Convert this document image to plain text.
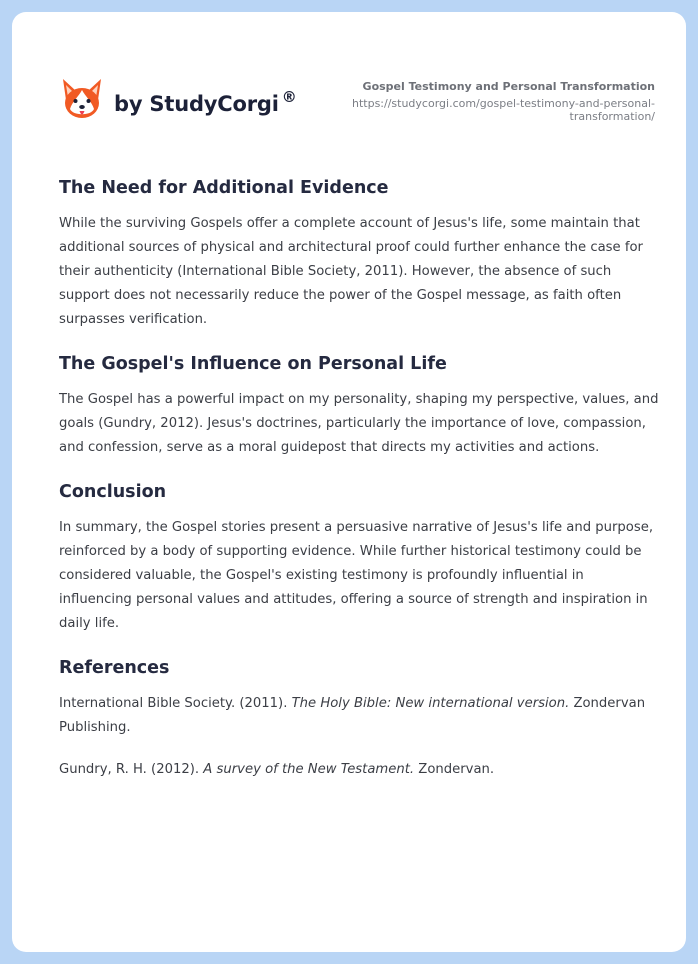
by StudyCorgi ®
Gospel Testimony and Personal Transformation
https://studycorgi.com/gospel-testimony-and-personal-
transformation/
The Need for Additional Evidence

While the surviving Gospels offer a complete account of Jesus's life, some maintain that additional sources of physical and architectural proof could further enhance the case for their authenticity (International Bible Society, 2011). However, the absence of such support does not necessarily reduce the power of the Gospel message, as faith often surpasses verification.

The Gospel's Influence on Personal Life

The Gospel has a powerful impact on my personality, shaping my perspective, values, and goals (Gundry, 2012). Jesus's doctrines, particularly the importance of love, compassion, and confession, serve as a moral guidepost that directs my activities and actions.

Conclusion

In summary, the Gospel stories present a persuasive narrative of Jesus's life and purpose, reinforced by a body of supporting evidence. While further historical testimony could be considered valuable, the Gospel's existing testimony is profoundly influential in influencing personal values and attitudes, offering a source of strength and inspiration in daily life.

References

International Bible Society. (2011). The Holy Bible: New international version. Zondervan Publishing.

Gundry, R. H. (2012). A survey of the New Testament. Zondervan.
